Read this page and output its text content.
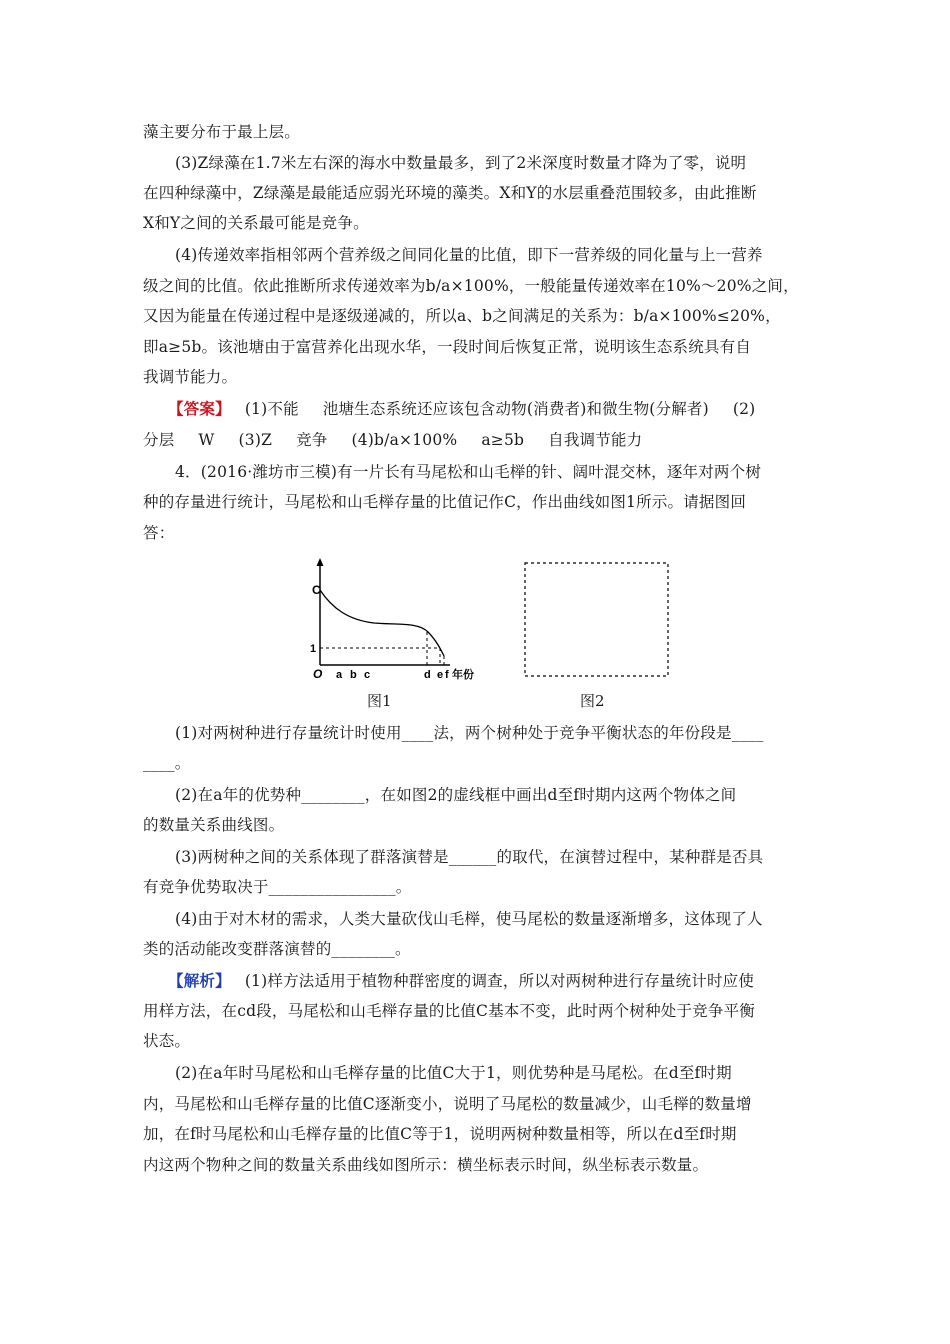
藻主要分布于最上层。
(3)Z绿藻在1.7米左右深的海水中数量最多，到了2米深度时数量才降为了零，说明
在四种绿藻中，Z绿藻是最能适应弱光环境的藻类。X和Y的水层重叠范围较多，由此推断
X和Y之间的关系最可能是竞争。
(4)传递效率指相邻两个营养级之间同化量的比值，即下一营养级的同化量与上一营养
级之间的比值。依此推断所求传递效率为b/a×100%，一般能量传递效率在10%～20%之间，
又因为能量在传递过程中是逐级递减的，所以a、b之间满足的关系为：b/a×100%≤20%，
即a≥5b。该池塘由于富营养化出现水华，一段时间后恢复正常，说明该生态系统具有自
我调节能力。
【答案】 (1)不能 池塘生态系统还应该包含动物(消费者)和微生物(分解者) (2)
分层 W (3)Z 竞争 (4)b/a×100% a≥5b 自我调节能力
4．(2016·潍坊市三模)有一片长有马尾松和山毛榉的针、阔叶混交林，逐年对两个树
种的存量进行统计，马尾松和山毛榉存量的比值记作C，作出曲线如图1所示。请据图回
答：
C
1
O a b c	d e f 年份
图1	图2
(1)对两树种进行存量统计时使用____法，两个树种处于竞争平衡状态的年份段是____
____。
(2)在a年的优势种________，在如图2的虚线框中画出d至f时期内这两个物体之间
的数量关系曲线图。
(3)两树种之间的关系体现了群落演替是______的取代，在演替过程中，某种群是否具
有竞争优势取决于________________。
(4)由于对木材的需求，人类大量砍伐山毛榉，使马尾松的数量逐渐增多，这体现了人
类的活动能改变群落演替的________。
【解析】 (1)样方法适用于植物种群密度的调查，所以对两树种进行存量统计时应使
用样方法，在cd段，马尾松和山毛榉存量的比值C基本不变，此时两个树种处于竞争平衡
状态。
(2)在a年时马尾松和山毛榉存量的比值C大于1，则优势种是马尾松。在d至f时期
内，马尾松和山毛榉存量的比值C逐渐变小，说明了马尾松的数量减少，山毛榉的数量增
加，在f时马尾松和山毛榉存量的比值C等于1，说明两树种数量相等，所以在d至f时期
内这两个物种之间的数量关系曲线如图所示：横坐标表示时间，纵坐标表示数量。
